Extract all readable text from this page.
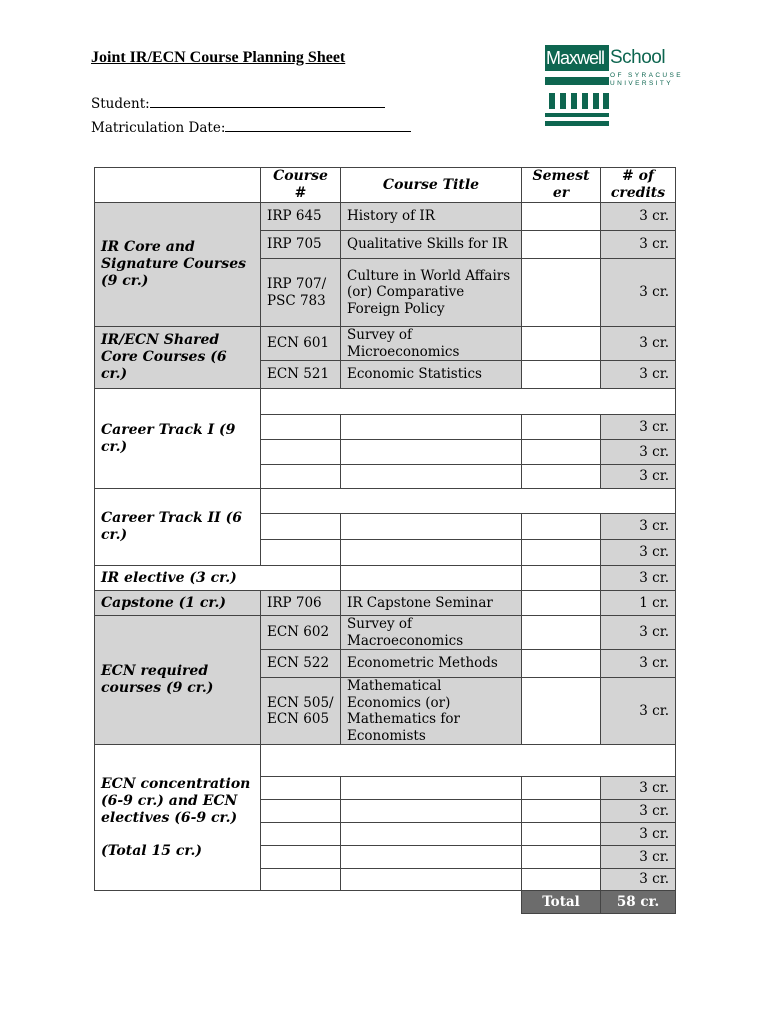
Joint IR/ECN Course Planning Sheet
Student:
Matriculation Date:
Maxwell School
OF SYRACUSE
UNIVERSITY
	Course #	Course Title	Semest er	# of credits
IR Core and Signature Courses (9 cr.)	IRP 645	History of IR		3 cr.
	IRP 705	Qualitative Skills for IR		3 cr.
	IRP 707/ PSC 783	Culture in World Affairs (or) Comparative Foreign Policy		3 cr.
IR/ECN Shared Core Courses (6 cr.)	ECN 601	Survey of Microeconomics		3 cr.
	ECN 521	Economic Statistics		3 cr.
Career Track I (9 cr.)				
				3 cr.
				3 cr.
				3 cr.
Career Track II (6 cr.)				
				3 cr.
				3 cr.
IR elective (3 cr.)				3 cr.
Capstone (1 cr.)	IRP 706	IR Capstone Seminar		1 cr.
ECN required courses (9 cr.)	ECN 602	Survey of Macroeconomics		3 cr.
	ECN 522	Econometric Methods		3 cr.
	ECN 505/ ECN 605	Mathematical Economics (or) Mathematics for Economists		3 cr.

ECN concentration (6-9 cr.) and ECN electives (6-9 cr.)
(Total 15 cr.)				

				3 cr.
				3 cr.
				3 cr.
				3 cr.
				3 cr.
			Total	58 cr.
